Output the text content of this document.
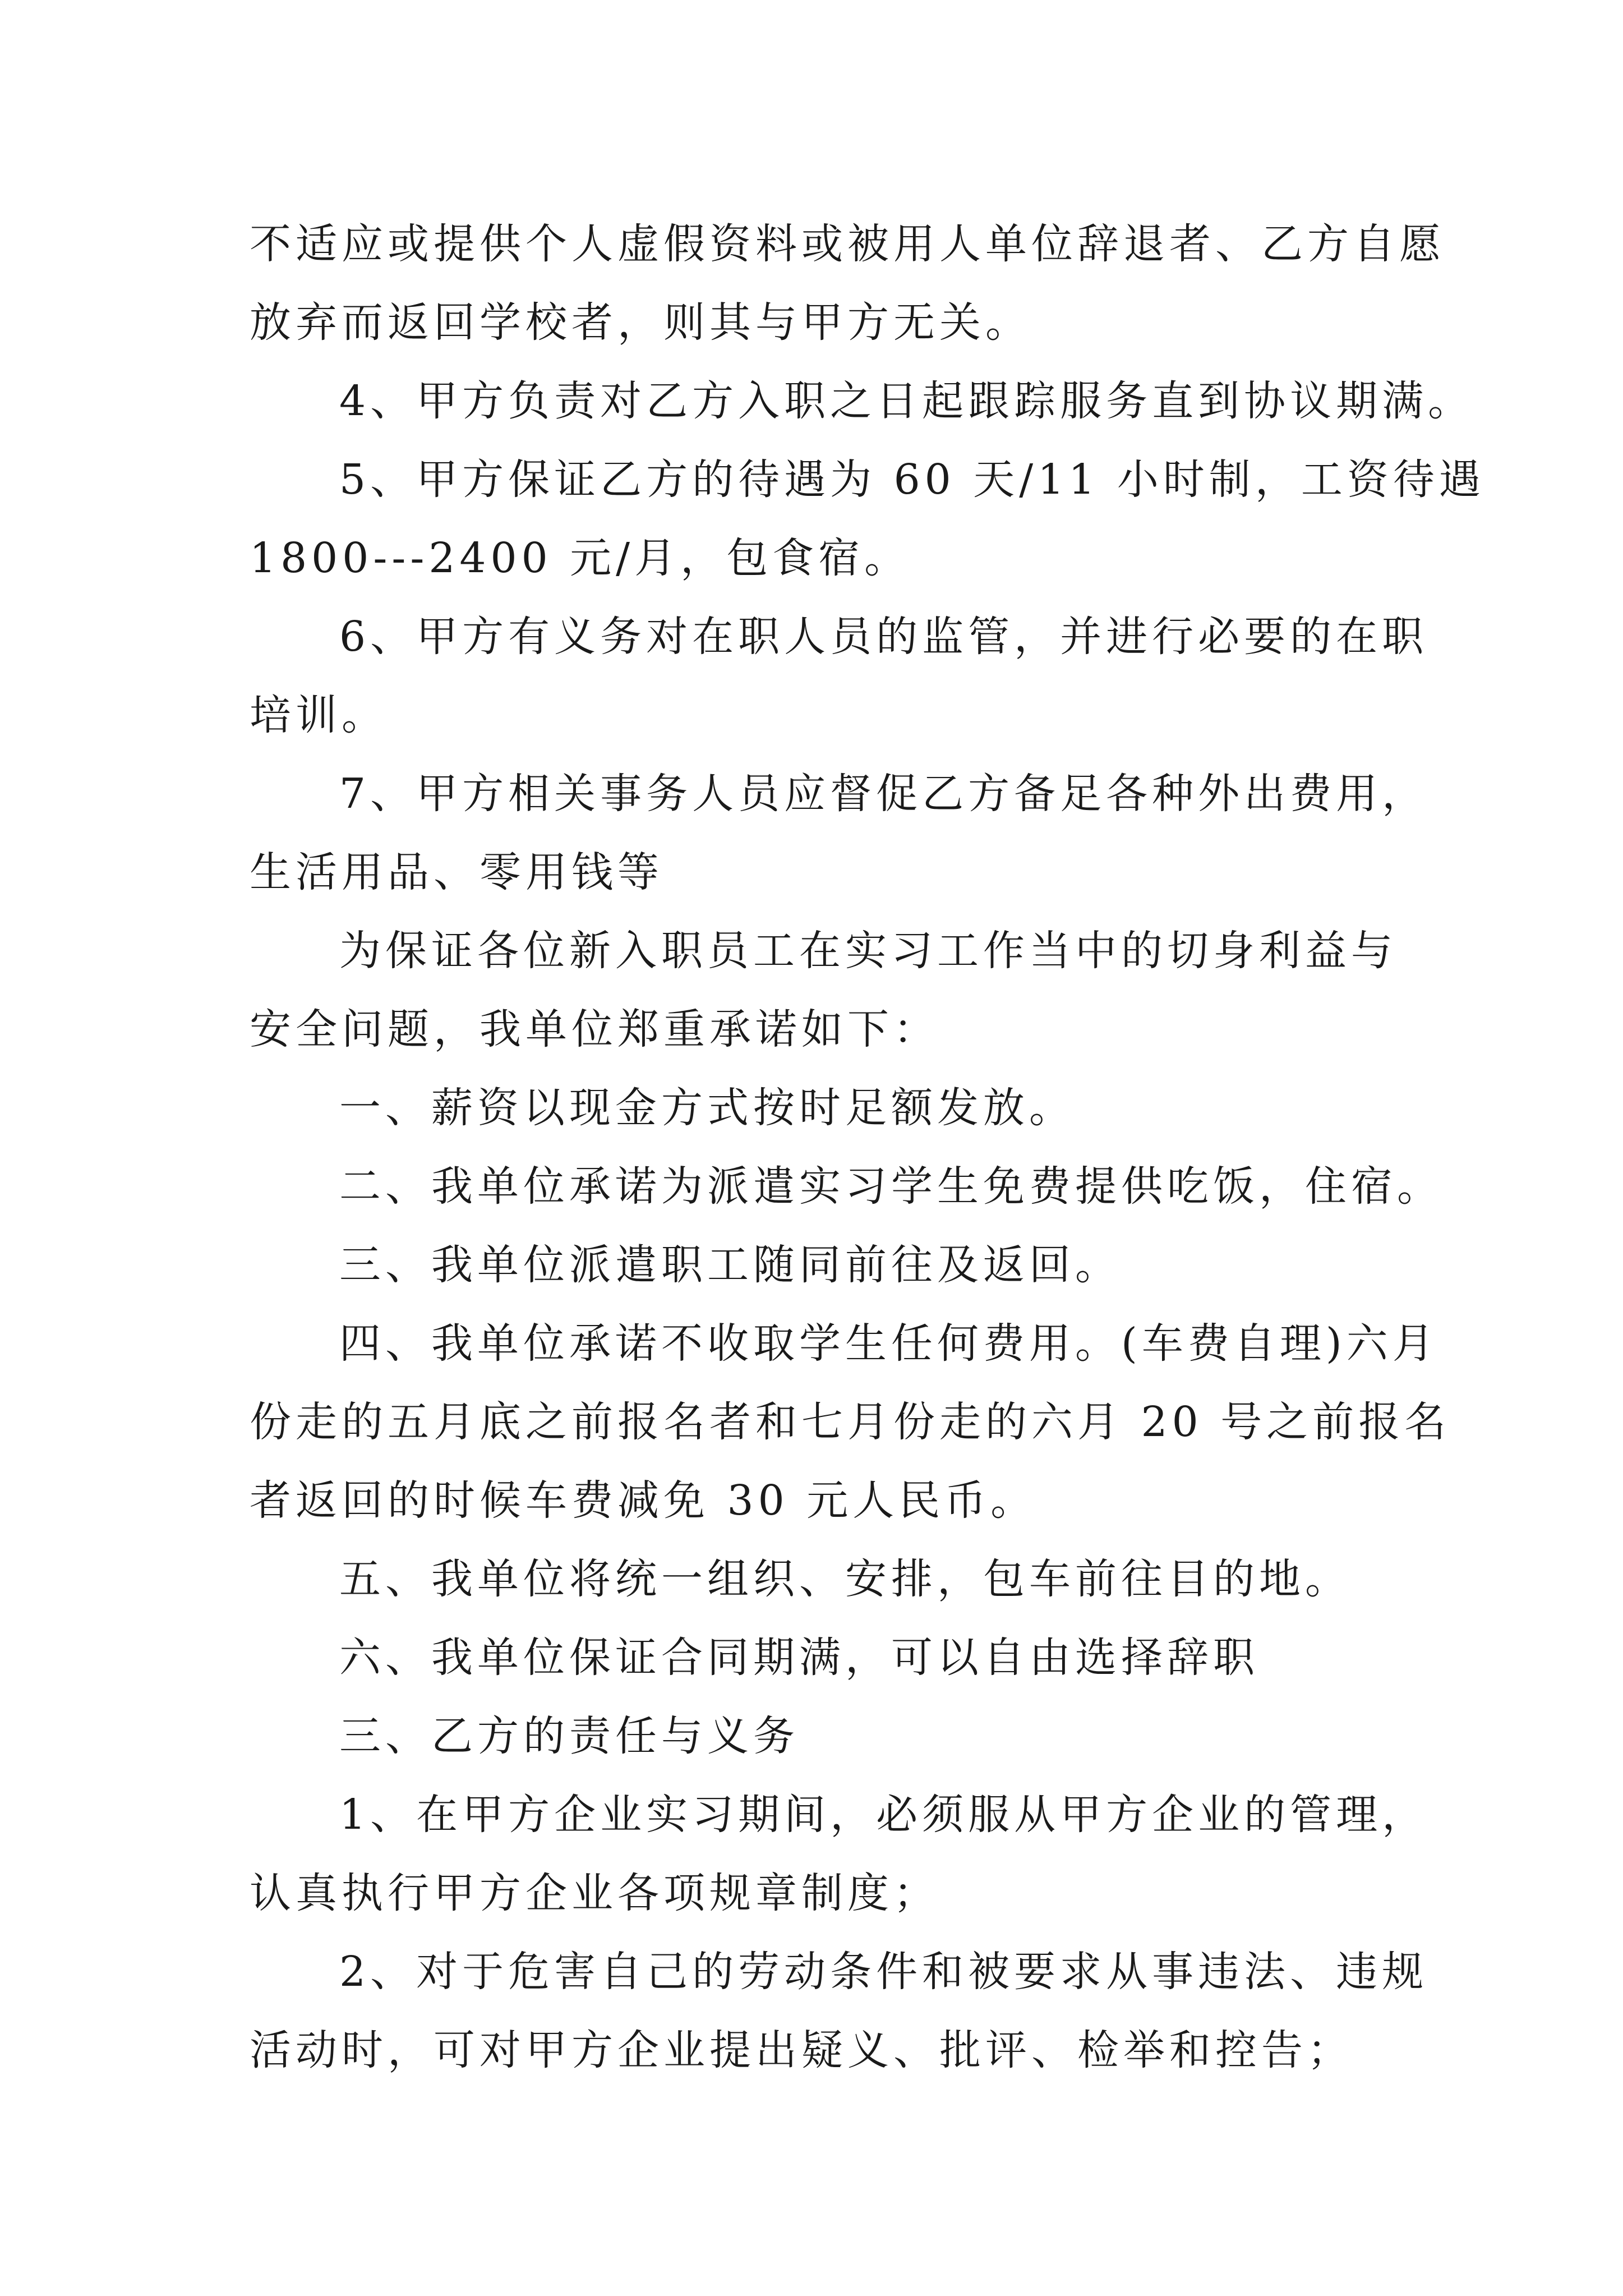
不适应或提供个人虚假资料或被用人单位辞退者、乙方自愿
放弃而返回学校者，则其与甲方无关。
4、甲方负责对乙方入职之日起跟踪服务直到协议期满。
5、甲方保证乙方的待遇为 60 天/11 小时制，工资待遇
1800---2400 元/月，包食宿。
6、甲方有义务对在职人员的监管，并进行必要的在职
培训。
7、甲方相关事务人员应督促乙方备足各种外出费用，
生活用品、零用钱等
为保证各位新入职员工在实习工作当中的切身利益与
安全问题，我单位郑重承诺如下：
一、薪资以现金方式按时足额发放。
二、我单位承诺为派遣实习学生免费提供吃饭，住宿。
三、我单位派遣职工随同前往及返回。
四、我单位承诺不收取学生任何费用。(车费自理)六月
份走的五月底之前报名者和七月份走的六月 20 号之前报名
者返回的时候车费减免 30 元人民币。
五、我单位将统一组织、安排，包车前往目的地。
六、我单位保证合同期满，可以自由选择辞职
三、乙方的责任与义务
1、在甲方企业实习期间，必须服从甲方企业的管理，
认真执行甲方企业各项规章制度；
2、对于危害自己的劳动条件和被要求从事违法、违规
活动时，可对甲方企业提出疑义、批评、检举和控告；
